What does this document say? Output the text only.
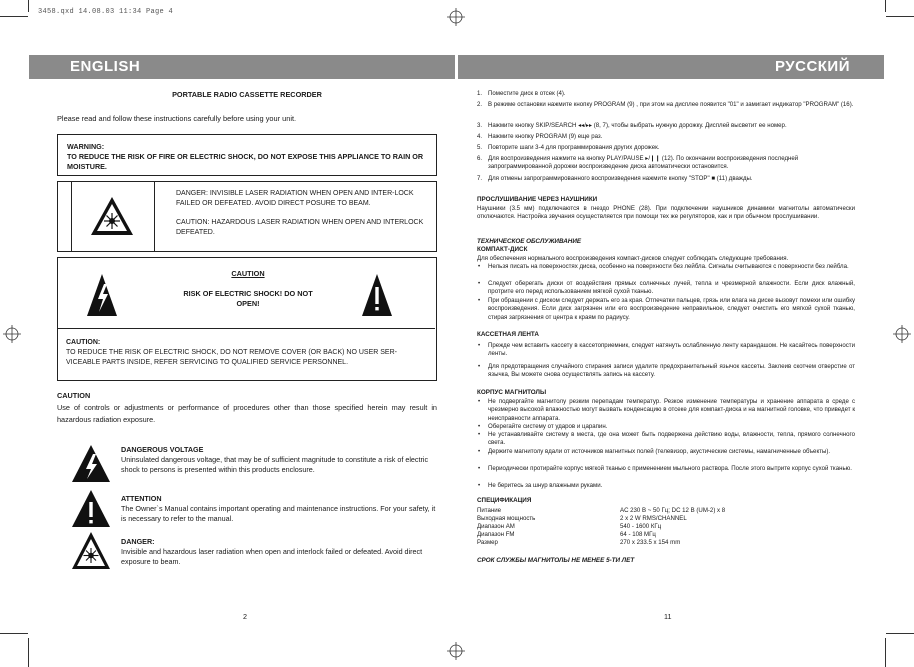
3458.qxd 14.08.03 11:34 Page 4
ENGLISH	РУССКИЙ
PORTABLE RADIO CASSETTE RECORDER
Please read and follow these instructions carefully before using your unit.
WARNING:
TO REDUCE THE RISK OF FIRE OR ELECTRIC SHOCK, DO NOT EXPOSE THIS APPLIANCE TO RAIN OR MOISTURE.
DANGER: INVISIBLE LASER RADIATION WHEN OPEN AND INTER-LOCK FAILED OR DEFEATED. AVOID DIRECT POSURE TO BEAM.
CAUTION: HAZARDOUS LASER RADIATION WHEN OPEN AND INTERLOCK DEFEATED.
CAUTION
RISK OF ELECTRIC SHOCK! DO NOT OPEN!
CAUTION:
TO REDUCE THE RISK OF ELECTRIC SHOCK, DO NOT REMOVE COVER (OR BACK) NO USER SER-VICEABLE PARTS INSIDE, REFER SERVICING TO QUALIFIED SERVICE PERSONNEL.
CAUTION
Use of controls or adjustments or performance of procedures other than those specified herein may result in hazardous radiation exposure.
DANGEROUS VOLTAGE
Uninsulated dangerous voltage, that may be of sufficient magnitude to constitute a risk of electric shock to persons is presented within this products enclosure.
ATTENTION
The Owner`s Manual contains important operating and maintenance instructions. For your safety, it is necessary to refer to the manual.
DANGER:
Invisible and hazardous laser radiation when open and interlock failed or defeated. Avoid direct exposure to beam.
2
1. Поместите диск в отсек (4).
2. В режиме остановки нажмите кнопку PROGRAM (9) , при этом на дисплее появится "01" и замигает индикатор "PROGRAM" (16).
3. Нажмите кнопку SKIP/SEARCH ◂◂/▸▸ (8, 7), чтобы выбрать нужную дорожку. Дисплей высветит ее номер.
4. Нажмите кнопку PROGRAM (9) еще раз.
5. Повторите шаги 3-4 для программирования других дорожек.
6. Для воспроизведения нажмите на кнопку PLAY/PAUSE ▸/❙❙ (12). По окончании воспроизведения последней запрограммированной дорожки воспроизведение диска автоматически остановится.
7. Для отмены запрограммированного воспроизведения нажмите кнопку "STOP" ■ (11) дважды.
ПРОСЛУШИВАНИЕ ЧЕРЕЗ НАУШНИКИ
Наушники (3.5 мм) подключаются в гнездо PHONE (28). При подключении наушников динамики магнитолы автоматически отключаются. Настройка звучания осуществляется при помощи тех же регуляторов, как и при обычном прослушивании.
ТЕХНИЧЕСКОЕ ОБСЛУЖИВАНИЕ
КОМПАКТ-ДИСК
Для обеспечения нормального воспроизведения компакт-дисков следует соблюдать следующие требования.
• Нельзя писать на поверхностях диска, особенно на поверхности без лейбла. Сигналы считываются с поверхности без лейбла.
• Следует оберегать диски от воздействия прямых солнечных лучей, тепла и чрезмерной влажности. Если диск влажный, протрите его перед использованием мягкой сухой тканью.
• При обращении с диском следует держать его за края. Отпечатки пальцев, грязь или влага на диске вызовут помехи или ошибку воспроизведения. Если диск загрязнен или его воспроизведение неправильное, следует очистить его мягкой сухой тканью, стирая загрязнения от центра к краям по радиусу.
КАССЕТНАЯ ЛЕНТА
• Прежде чем вставить кассету в кассетоприемник, следует натянуть ослабленную ленту карандашом. Не касайтесь поверхности ленты.
• Для предотвращения случайного стирания записи удалите предохранительный язычок кассеты. Заклеив скотчем отверстие от язычка, Вы можете снова осуществлять запись на кассету.
КОРПУС МАГНИТОЛЫ
• Не подвергайте магнитолу резким перепадам температур. Резкое изменение температуры и хранение аппарата в среде с чрезмерно высокой влажностью могут вызвать конденсацию в отсеке для компакт-диска и на магнитной головке, что приведет к неисправности аппарата.
• Оберегайте систему от ударов и царапин.
• Не устанавливайте систему в места, где она может быть подвержена действию воды, влажности, тепла, прямого солнечного света.
• Держите магнитолу вдали от источников магнитных полей (телевизор, акустические системы, намагниченные объекты).
• Периодически протирайте корпус мягкой тканью с применением мыльного раствора. После этого вытрите корпус сухой тканью.
• Не беритесь за шнур влажными руками.
СПЕЦИФИКАЦИЯ
Питание	AC 230 В ~ 50 Гц; DC 12 В (UM-2) x 8
Выходная мощность	2 x 2 W RMS/CHANNEL
Диапазон AM	540 - 1600 КГц
Диапазон FM	64 - 108 МГц
Размер	270 x 233.5 x 154 mm
СРОК СЛУЖБЫ МАГНИТОЛЫ НЕ МЕНЕЕ 5-ТИ ЛЕТ
11
